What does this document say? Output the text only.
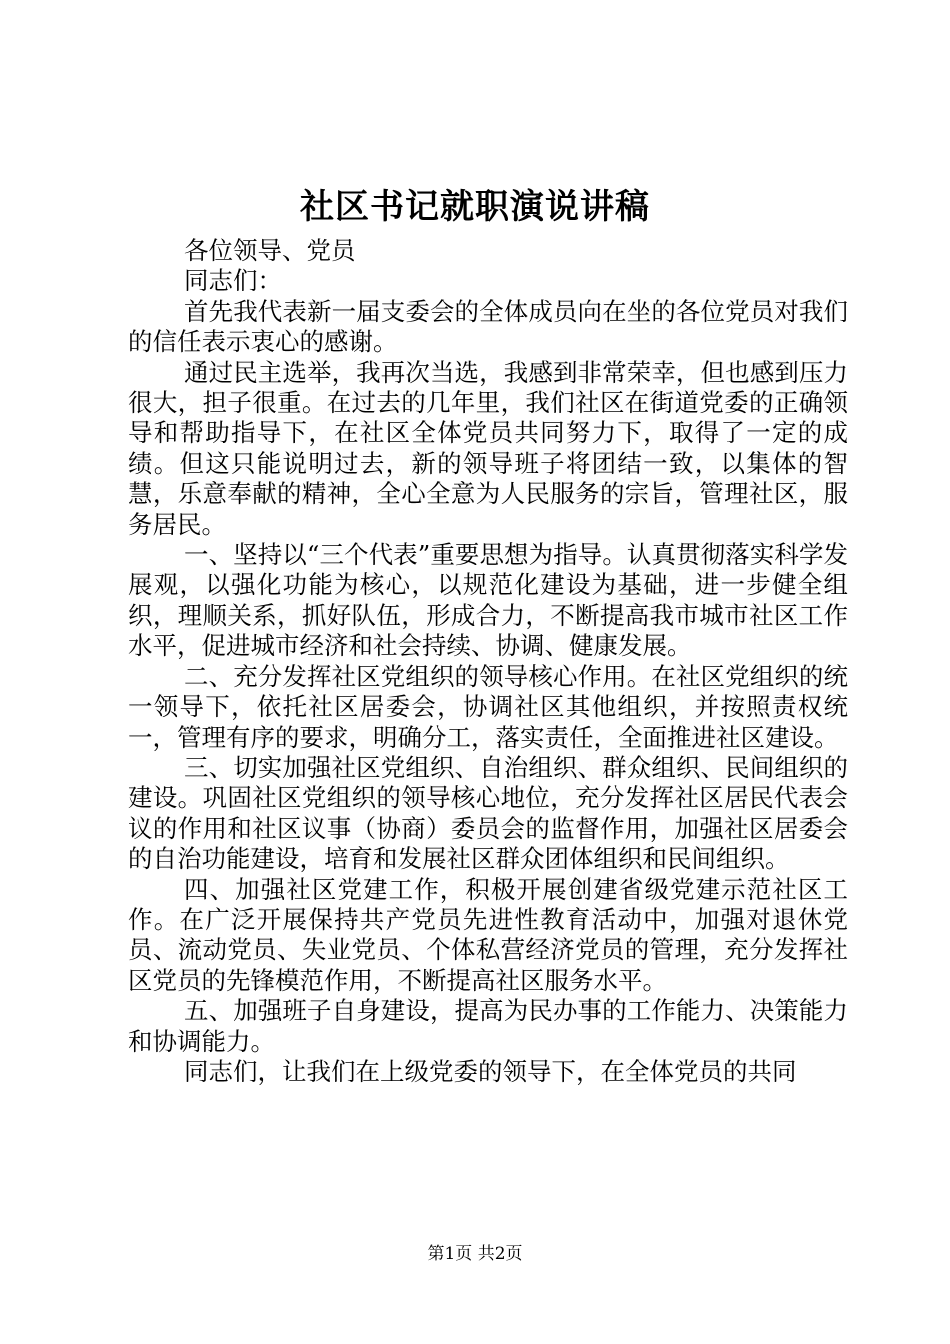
社区书记就职演说讲稿

各位领导、党员

同志们：

首先我代表新一届支委会的全体成员向在坐的各位党员对我们的信任表示衷心的感谢。

通过民主选举，我再次当选，我感到非常荣幸，但也感到压力很大，担子很重。在过去的几年里，我们社区在街道党委的正确领导和帮助指导下，在社区全体党员共同努力下，取得了一定的成绩。但这只能说明过去，新的领导班子将团结一致，以集体的智慧，乐意奉献的精神，全心全意为人民服务的宗旨，管理社区，服务居民。

一、坚持以“三个代表”重要思想为指导。认真贯彻落实科学发展观，以强化功能为核心，以规范化建设为基础，进一步健全组织，理顺关系，抓好队伍，形成合力，不断提高我市城市社区工作水平，促进城市经济和社会持续、协调、健康发展。

二、充分发挥社区党组织的领导核心作用。在社区党组织的统一领导下，依托社区居委会，协调社区其他组织，并按照责权统一，管理有序的要求，明确分工，落实责任，全面推进社区建设。

三、切实加强社区党组织、自治组织、群众组织、民间组织的建设。巩固社区党组织的领导核心地位，充分发挥社区居民代表会议的作用和社区议事（协商）委员会的监督作用，加强社区居委会的自治功能建设，培育和发展社区群众团体组织和民间组织。

四、加强社区党建工作，积极开展创建省级党建示范社区工作。在广泛开展保持共产党员先进性教育活动中，加强对退休党员、流动党员、失业党员、个体私营经济党员的管理，充分发挥社区党员的先锋模范作用，不断提高社区服务水平。

五、加强班子自身建设，提高为民办事的工作能力、决策能力和协调能力。

同志们，让我们在上级党委的领导下，在全体党员的共同

第1页 共2页
